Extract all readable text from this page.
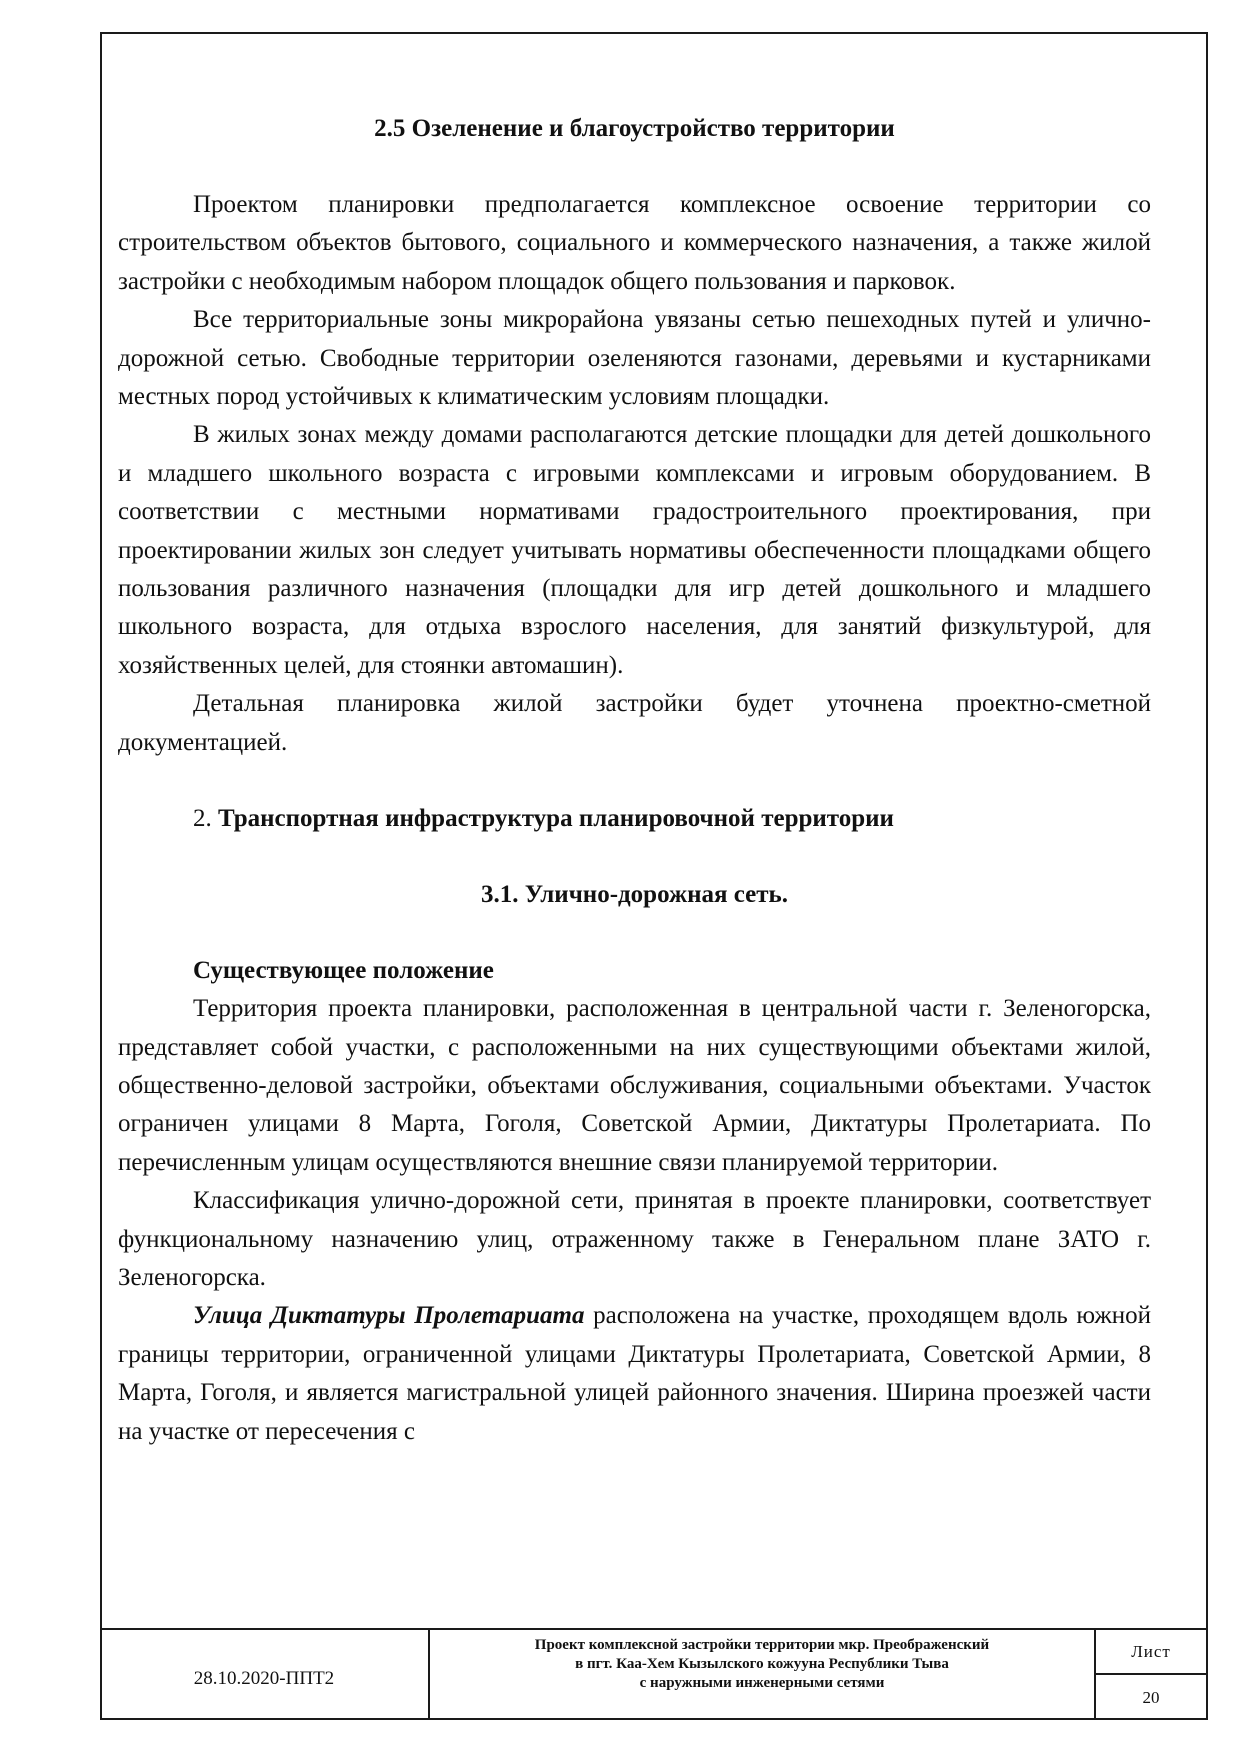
2.5 Озеленение и благоустройство территории

Проектом планировки предполагается комплексное освоение территории со строительством объектов бытового, социального и коммерческого назначения, а также жилой застройки с необходимым набором площадок общего пользования и парковок.

Все территориальные зоны микрорайона увязаны сетью пешеходных путей и улично-дорожной сетью. Свободные территории озеленяются газонами, деревьями и кустарниками местных пород устойчивых к климатическим условиям площадки.

В жилых зонах между домами располагаются детские площадки для детей дошкольного и младшего школьного возраста с игровыми комплексами и игровым оборудованием. В соответствии с местными нормативами градостроительного проектирования, при проектировании жилых зон следует учитывать нормативы обеспеченности площадками общего пользования различного назначения (площадки для игр детей дошкольного и младшего школьного возраста, для отдыха взрослого населения, для занятий физкультурой, для хозяйственных целей, для стоянки автомашин).

Детальная планировка жилой застройки будет уточнена проектно-сметной документацией.

2. Транспортная инфраструктура планировочной территории

3.1. Улично-дорожная сеть.

Существующее положение

Территория проекта планировки, расположенная в центральной части г. Зеленогорска, представляет собой участки, с расположенными на них существующими объектами жилой, общественно-деловой застройки, объектами обслуживания, социальными объектами. Участок ограничен улицами 8 Марта, Гоголя, Советской Армии, Диктатуры Пролетариата. По перечисленным улицам осуществляются внешние связи планируемой территории.

Классификация улично-дорожной сети, принятая в проекте планировки, соответствует функциональному назначению улиц, отраженному также в Генеральном плане ЗАТО г. Зеленогорска.

Улица Диктатуры Пролетариата расположена на участке, проходящем вдоль южной границы территории, ограниченной улицами Диктатуры Пролетариата, Советской Армии, 8 Марта, Гоголя, и является магистральной улицей районного значения. Ширина проезжей части на участке от пересечения с

28.10.2020-ППТ2
Проект комплексной застройки территории мкр. Преображенский
в пгт. Каа-Хем Кызылского кожууна Республики Тыва
с наружными инженерными сетями
Лист
20
